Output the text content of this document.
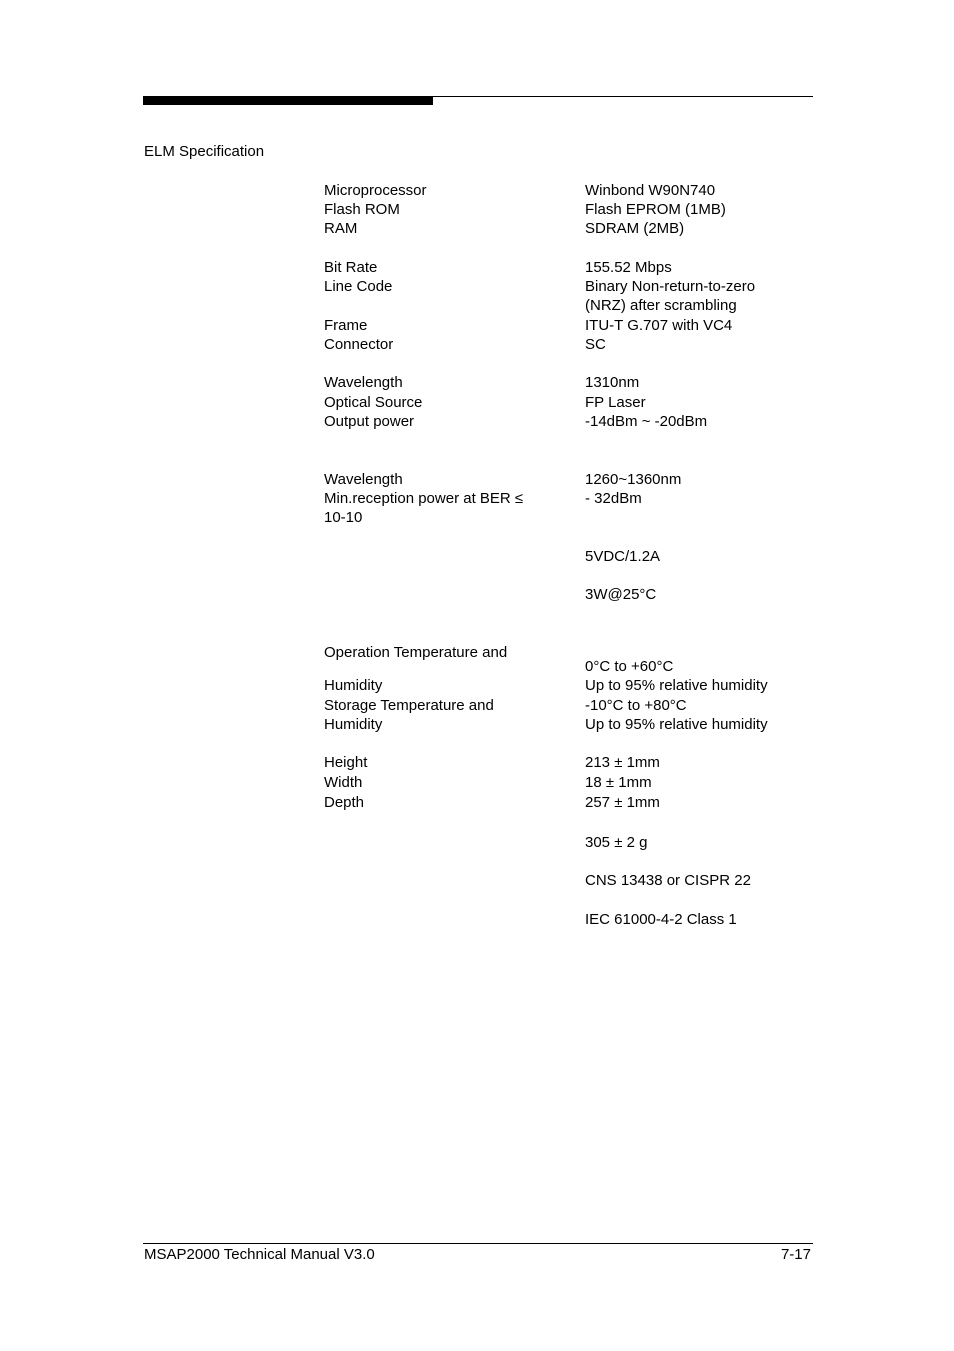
ELM Specification
Microprocessor
Flash ROM
RAM
Bit Rate
Line Code
Frame
Connector
Wavelength
Optical Source
Output power
Wavelength
Min.reception power at BER ≤
10-10
Operation Temperature and
Humidity
Storage Temperature and
Humidity
Height
Width
Depth
Winbond W90N740
Flash EPROM (1MB)
SDRAM (2MB)
155.52 Mbps
Binary Non-return-to-zero
(NRZ) after scrambling
ITU-T G.707 with VC4
SC
1310nm
FP Laser
-14dBm ~ -20dBm
1260~1360nm
- 32dBm
5VDC/1.2A
3W@25°C
0°C to +60°C
Up to 95% relative humidity
-10°C to +80°C
Up to 95% relative humidity
213 ± 1mm
18 ± 1mm
257 ± 1mm
305 ± 2 g
CNS 13438 or CISPR 22
IEC 61000-4-2 Class 1
MSAP2000 Technical Manual V3.0	7-17
